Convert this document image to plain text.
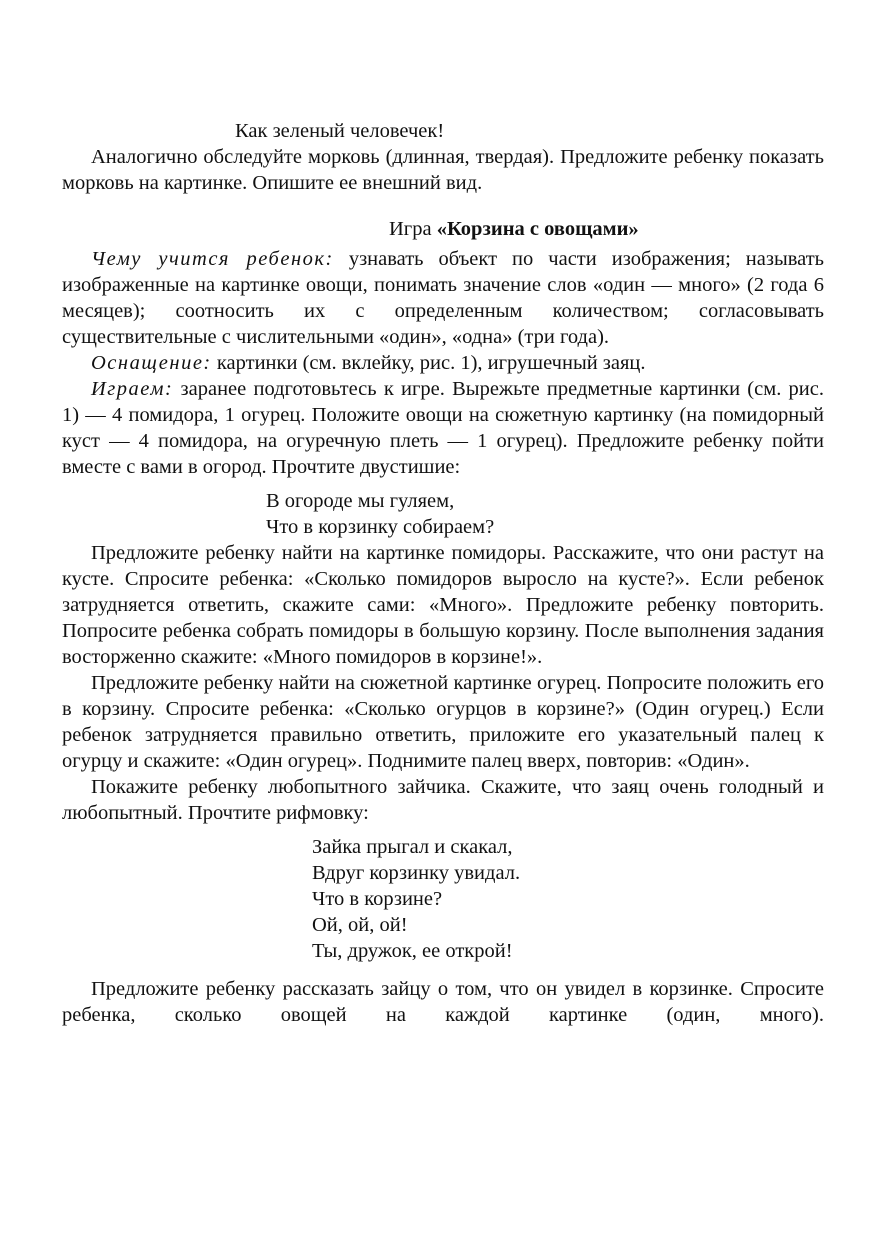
Как зеленый человечек!

Аналогично обследуйте морковь (длинная, твердая). Предложите ребенку показать морковь на картинке. Опишите ее внешний вид.

Игра «Корзина с овощами»

Чему учится ребенок: узнавать объект по части изображения; называть изображенные на картинке овощи, понимать значение слов «один — много» (2 года 6 месяцев); соотносить их с определенным количеством; согласовывать существительные с числительными «один», «одна» (три года).

Оснащение: картинки (см. вклейку, рис. 1), игрушечный заяц.

Играем: заранее подготовьтесь к игре. Вырежьте предметные картинки (см. рис. 1) — 4 помидора, 1 огурец. Положите овощи на сюжетную картинку (на помидорный куст — 4 помидора, на огуречную плеть — 1 огурец). Предложите ребенку пойти вместе с вами в огород. Прочтите двустишие:

В огороде мы гуляем,
Что в корзинку собираем?

Предложите ребенку найти на картинке помидоры. Расскажите, что они растут на кусте. Спросите ребенка: «Сколько помидоров выросло на кусте?». Если ребенок затрудняется ответить, скажите сами: «Много». Предложите ребенку повторить. Попросите ребенка собрать помидоры в большую корзину. После выполнения задания восторженно скажите: «Много помидоров в корзине!».

Предложите ребенку найти на сюжетной картинке огурец. Попросите положить его в корзину. Спросите ребенка: «Сколько огурцов в корзине?» (Один огурец.) Если ребенок затрудняется правильно ответить, приложите его указательный палец к огурцу и скажите: «Один огурец». Поднимите палец вверх, повторив: «Один».

Покажите ребенку любопытного зайчика. Скажите, что заяц очень голодный и любопытный. Прочтите рифмовку:

Зайка прыгал и скакал,
Вдруг корзинку увидал.
Что в корзине?
Ой, ой, ой!
Ты, дружок, ее открой!

Предложите ребенку рассказать зайцу о том, что он увидел в корзинке. Спросите ребенка, сколько овощей на каждой картинке (один, много).
